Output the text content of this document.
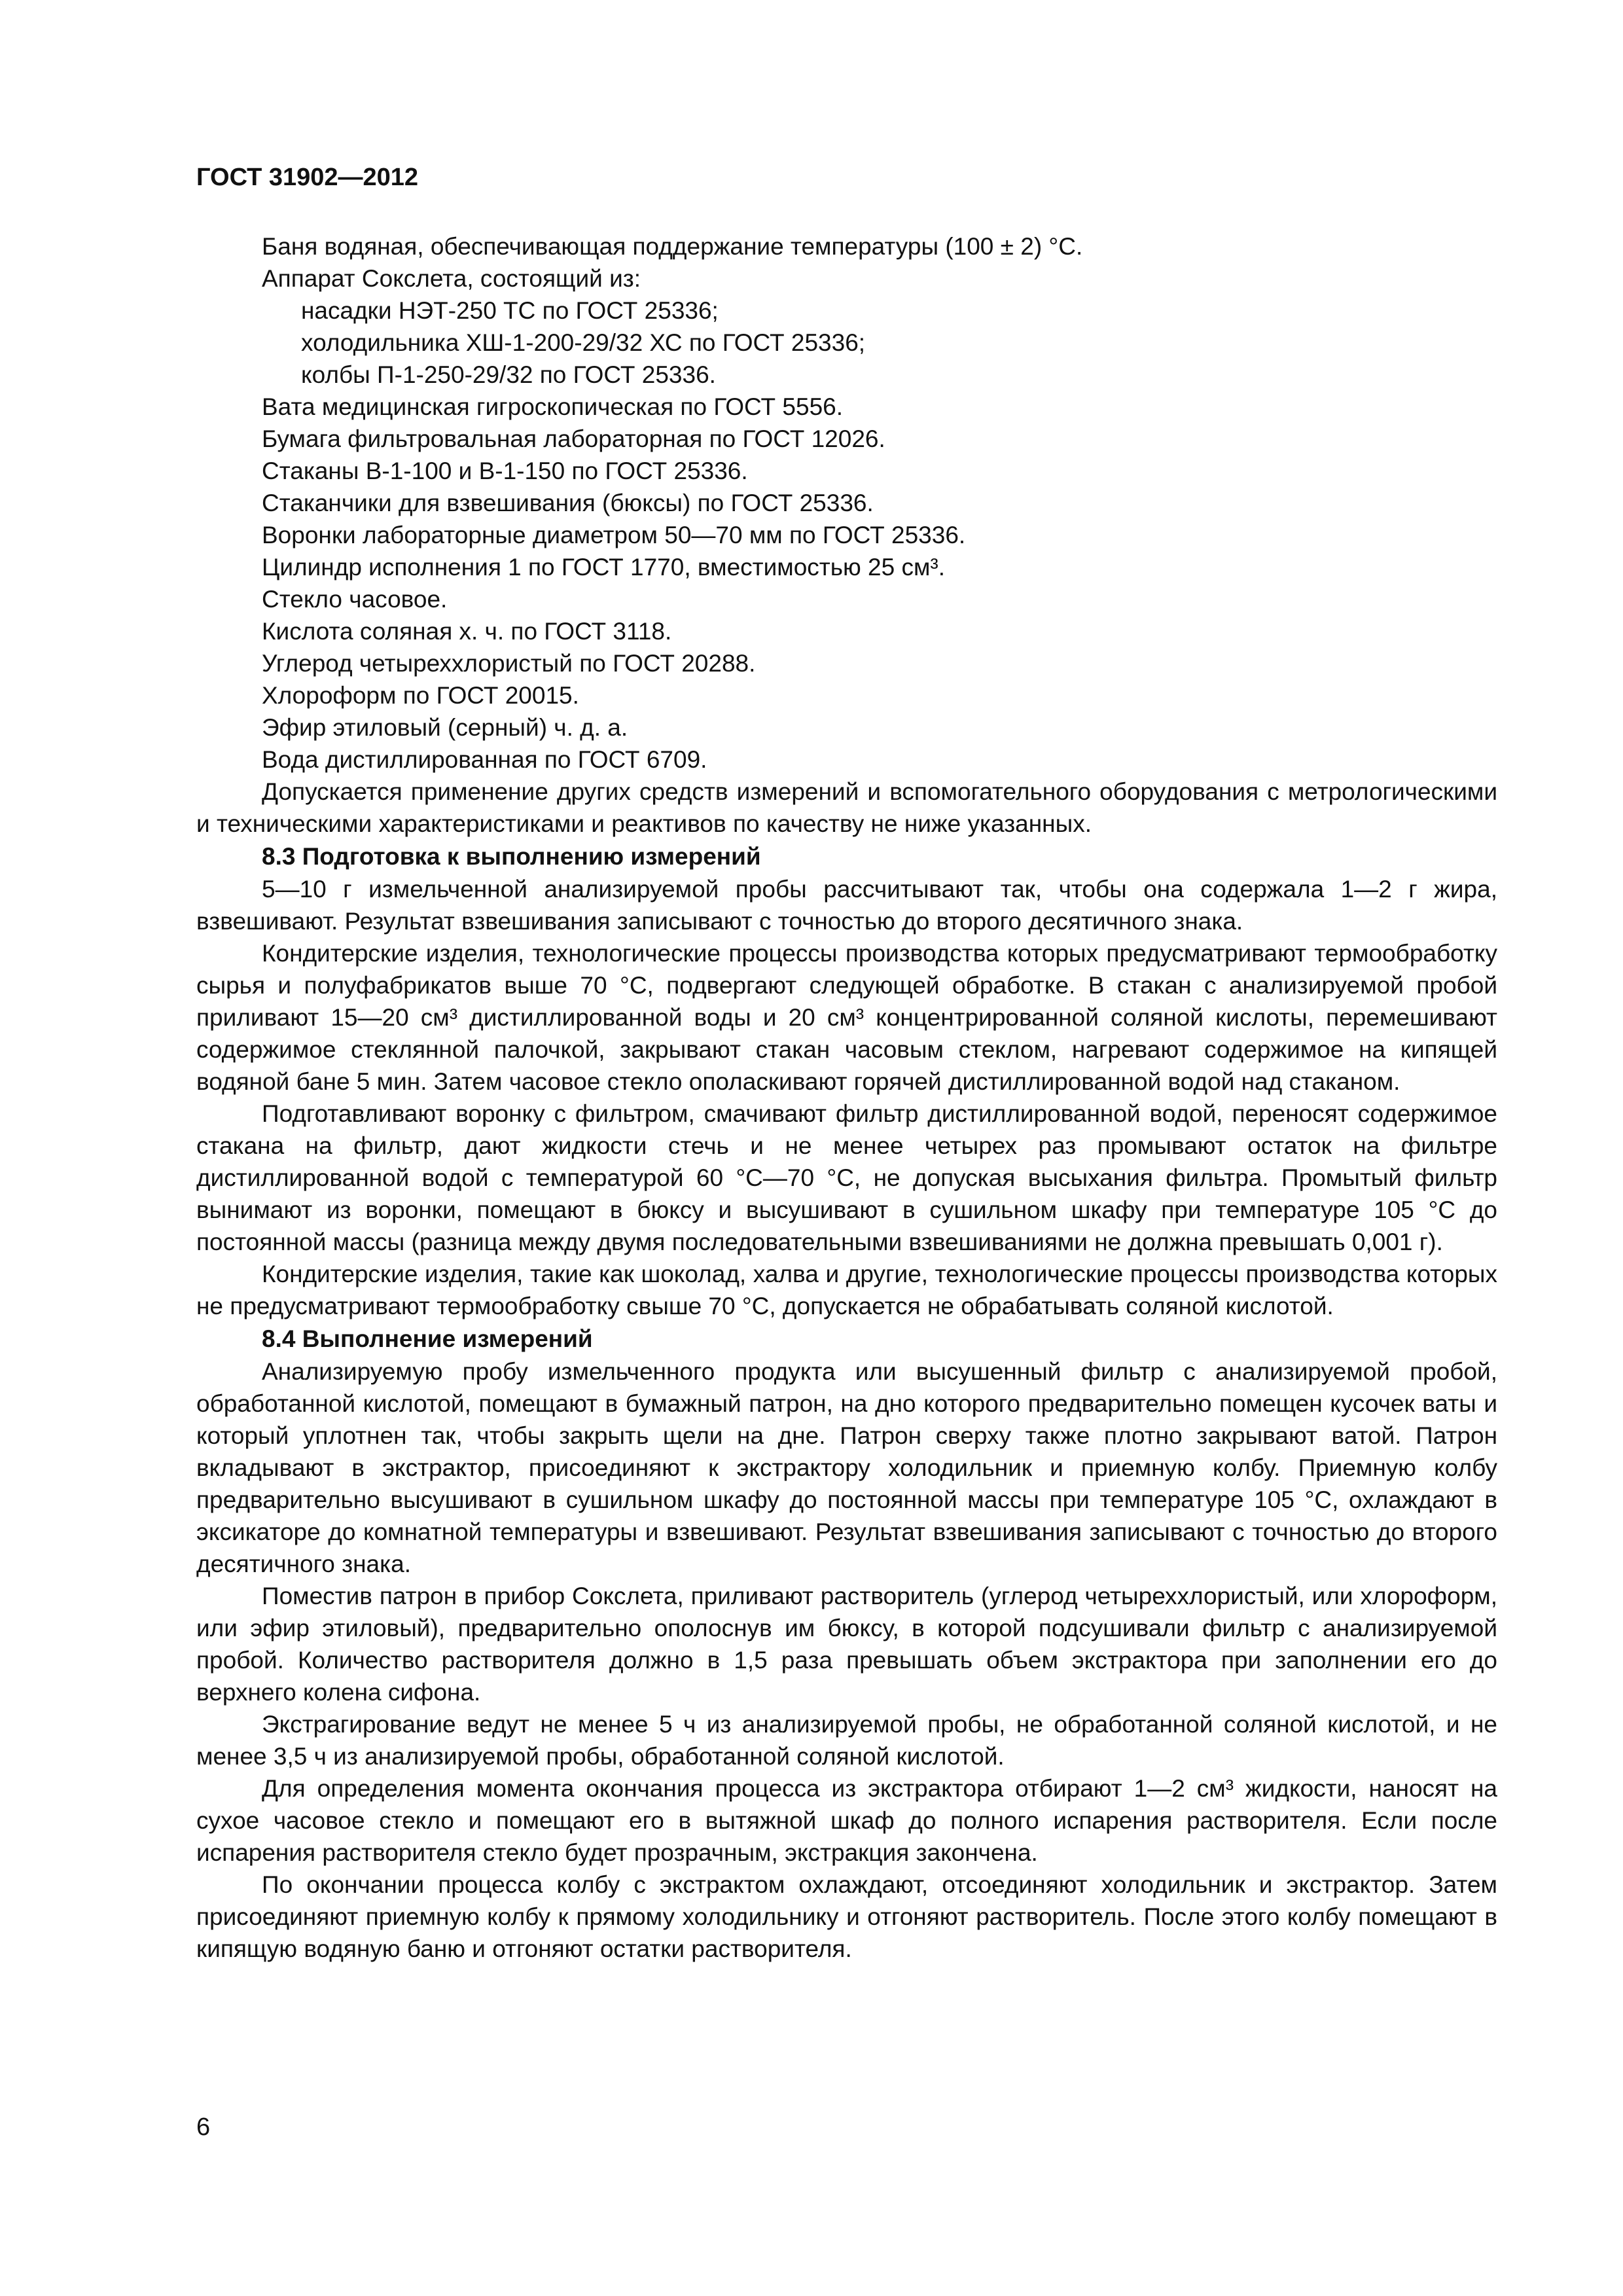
ГОСТ 31902—2012

Баня водяная, обеспечивающая поддержание температуры (100 ± 2) °С.

Аппарат Сокслета, состоящий из:

насадки НЭТ-250 ТС по ГОСТ 25336;

холодильника ХШ-1-200-29/32 ХС по ГОСТ 25336;

колбы П-1-250-29/32 по ГОСТ 25336.

Вата медицинская гигроскопическая по ГОСТ 5556.

Бумага фильтровальная лабораторная по ГОСТ 12026.

Стаканы В-1-100 и В-1-150 по ГОСТ 25336.

Стаканчики для взвешивания (бюксы) по ГОСТ 25336.

Воронки лабораторные диаметром 50—70 мм по ГОСТ 25336.

Цилиндр исполнения 1 по ГОСТ 1770, вместимостью 25 см³.

Стекло часовое.

Кислота соляная х. ч. по ГОСТ 3118.

Углерод четыреххлористый по ГОСТ 20288.

Хлороформ по ГОСТ 20015.

Эфир этиловый (серный) ч. д. а.

Вода дистиллированная по ГОСТ 6709.

Допускается применение других средств измерений и вспомогательного оборудования с метрологическими и техническими характеристиками и реактивов по качеству не ниже указанных.

8.3 Подготовка к выполнению измерений

5—10 г измельченной анализируемой пробы рассчитывают так, чтобы она содержала 1—2 г жира, взвешивают. Результат взвешивания записывают с точностью до второго десятичного знака.

Кондитерские изделия, технологические процессы производства которых предусматривают термообработку сырья и полуфабрикатов выше 70 °С, подвергают следующей обработке. В стакан с анализируемой пробой приливают 15—20 см³ дистиллированной воды и 20 см³ концентрированной соляной кислоты, перемешивают содержимое стеклянной палочкой, закрывают стакан часовым стеклом, нагревают содержимое на кипящей водяной бане 5 мин. Затем часовое стекло ополаскивают горячей дистиллированной водой над стаканом.

Подготавливают воронку с фильтром, смачивают фильтр дистиллированной водой, переносят содержимое стакана на фильтр, дают жидкости стечь и не менее четырех раз промывают остаток на фильтре дистиллированной водой с температурой 60 °С—70 °С, не допуская высыхания фильтра. Промытый фильтр вынимают из воронки, помещают в бюксу и высушивают в сушильном шкафу при температуре 105 °С до постоянной массы (разница между двумя последовательными взвешиваниями не должна превышать 0,001 г).

Кондитерские изделия, такие как шоколад, халва и другие, технологические процессы производства которых не предусматривают термообработку свыше 70 °С, допускается не обрабатывать соляной кислотой.

8.4 Выполнение измерений

Анализируемую пробу измельченного продукта или высушенный фильтр с анализируемой пробой, обработанной кислотой, помещают в бумажный патрон, на дно которого предварительно помещен кусочек ваты и который уплотнен так, чтобы закрыть щели на дне. Патрон сверху также плотно закрывают ватой. Патрон вкладывают в экстрактор, присоединяют к экстрактору холодильник и приемную колбу. Приемную колбу предварительно высушивают в сушильном шкафу до постоянной массы при температуре 105 °С, охлаждают в эксикаторе до комнатной температуры и взвешивают. Результат взвешивания записывают с точностью до второго десятичного знака.

Поместив патрон в прибор Сокслета, приливают растворитель (углерод четыреххлористый, или хлороформ, или эфир этиловый), предварительно ополоснув им бюксу, в которой подсушивали фильтр с анализируемой пробой. Количество растворителя должно в 1,5 раза превышать объем экстрактора при заполнении его до верхнего колена сифона.

Экстрагирование ведут не менее 5 ч из анализируемой пробы, не обработанной соляной кислотой, и не менее 3,5 ч из анализируемой пробы, обработанной соляной кислотой.

Для определения момента окончания процесса из экстрактора отбирают 1—2 см³ жидкости, наносят на сухое часовое стекло и помещают его в вытяжной шкаф до полного испарения растворителя. Если после испарения растворителя стекло будет прозрачным, экстракция закончена.

По окончании процесса колбу с экстрактом охлаждают, отсоединяют холодильник и экстрактор. Затем присоединяют приемную колбу к прямому холодильнику и отгоняют растворитель. После этого колбу помещают в кипящую водяную баню и отгоняют остатки растворителя.

6
